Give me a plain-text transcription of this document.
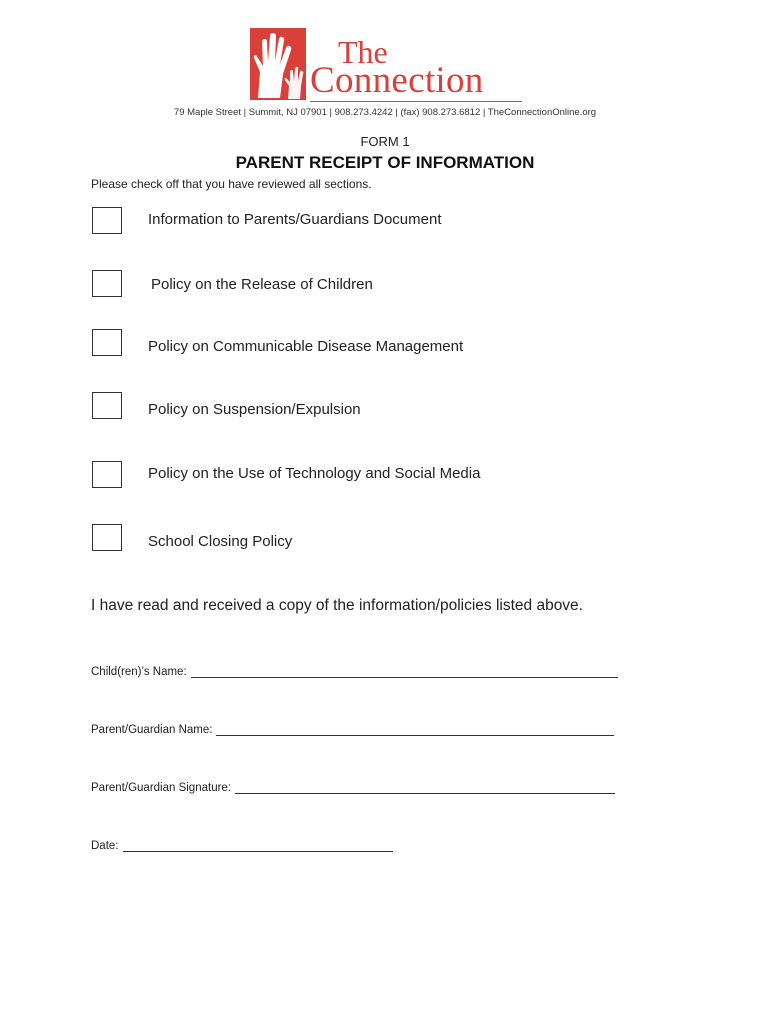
The
Connection
79 Maple Street | Summit, NJ 07901 | 908.273.4242 | (fax) 908.273.6812 | TheConnectionOnline.org
FORM 1
PARENT RECEIPT OF INFORMATION
Please check off that you have reviewed all sections.
Information to Parents/Guardians Document
Policy on the Release of Children
Policy on Communicable Disease Management
Policy on Suspension/Expulsion
Policy on the Use of Technology and Social Media
School Closing Policy
I have read and received a copy of the information/policies listed above.
Child(ren)’s Name:
Parent/Guardian Name:
Parent/Guardian Signature:
Date:
